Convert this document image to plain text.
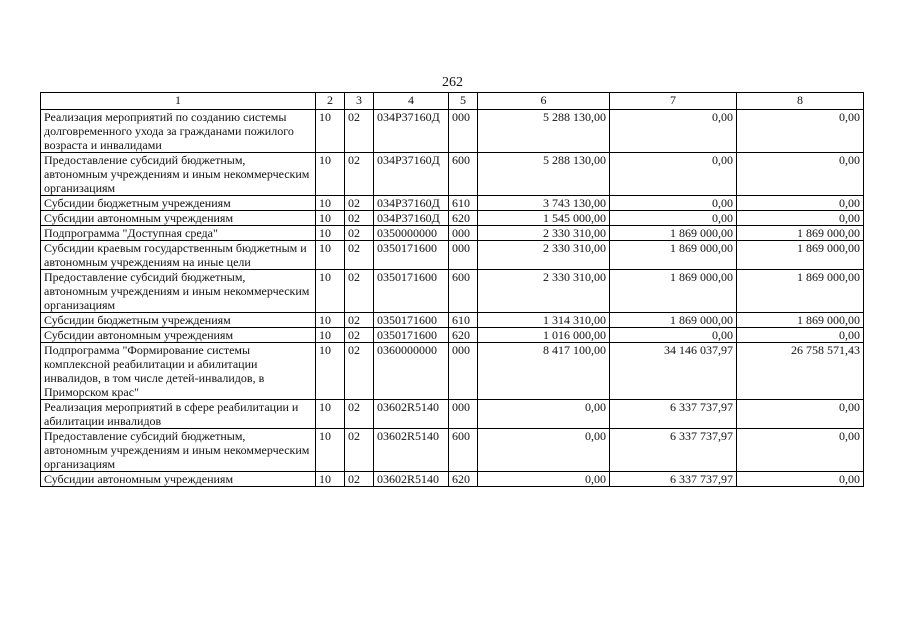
262
1	2	3	4	5	6	7	8
Реализация мероприятий по созданию системы долговременного ухода за гражданами пожилого возраста и инвалидами	10	02	034P37160Д	000	5 288 130,00	0,00	0,00
Предоставление субсидий бюджетным, автономным учреждениям и иным некоммерческим организациям	10	02	034P37160Д	600	5 288 130,00	0,00	0,00
Субсидии бюджетным учреждениям	10	02	034P37160Д	610	3 743 130,00	0,00	0,00
Субсидии автономным учреждениям	10	02	034P37160Д	620	1 545 000,00	0,00	0,00
Подпрограмма "Доступная среда"	10	02	0350000000	000	2 330 310,00	1 869 000,00	1 869 000,00
Субсидии краевым государственным бюджетным и автономным учреждениям на иные цели	10	02	0350171600	000	2 330 310,00	1 869 000,00	1 869 000,00
Предоставление субсидий бюджетным, автономным учреждениям и иным некоммерческим организациям	10	02	0350171600	600	2 330 310,00	1 869 000,00	1 869 000,00
Субсидии бюджетным учреждениям	10	02	0350171600	610	1 314 310,00	1 869 000,00	1 869 000,00
Субсидии автономным учреждениям	10	02	0350171600	620	1 016 000,00	0,00	0,00
Подпрограмма "Формирование системы комплексной реабилитации и абилитации инвалидов, в том числе детей-инвалидов, в Приморском крас"	10	02	0360000000	000	8 417 100,00	34 146 037,97	26 758 571,43
Реализация мероприятий в сфере реабилитации и абилитации инвалидов	10	02	03602R5140	000	0,00	6 337 737,97	0,00
Предоставление субсидий бюджетным, автономным учреждениям и иным некоммерческим организациям	10	02	03602R5140	600	0,00	6 337 737,97	0,00
Субсидии автономным учреждениям	10	02	03602R5140	620	0,00	6 337 737,97	0,00
